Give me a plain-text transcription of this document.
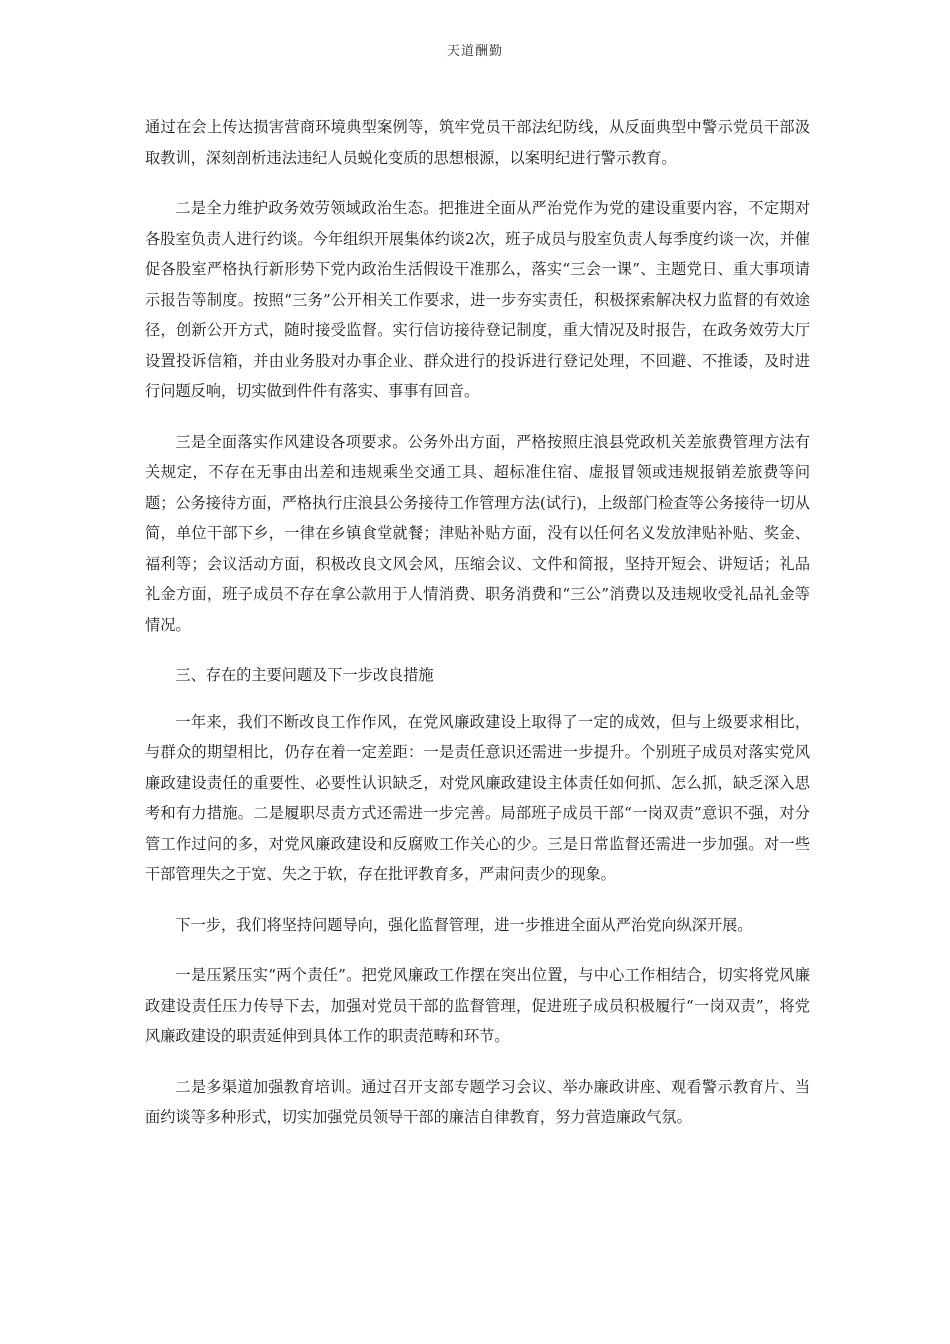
天道酬勤

通过在会上传达损害营商环境典型案例等，筑牢党员干部法纪防线，从反面典型中警示党员干部汲取教训，深刻剖析违法违纪人员蜕化变质的思想根源，以案明纪进行警示教育。

二是全力维护政务效劳领域政治生态。把推进全面从严治党作为党的建设重要内容，不定期对各股室负责人进行约谈。今年组织开展集体约谈2次，班子成员与股室负责人每季度约谈一次，并催促各股室严格执行新形势下党内政治生活假设干准那么，落实“三会一课”、主题党日、重大事项请示报告等制度。按照“三务”公开相关工作要求，进一步夯实责任，积极探索解决权力监督的有效途径，创新公开方式，随时接受监督。实行信访接待登记制度，重大情况及时报告，在政务效劳大厅设置投诉信箱，并由业务股对办事企业、群众进行的投诉进行登记处理，不回避、不推诿，及时进行问题反响，切实做到件件有落实、事事有回音。

三是全面落实作风建设各项要求。公务外出方面，严格按照庄浪县党政机关差旅费管理方法有关规定，不存在无事由出差和违规乘坐交通工具、超标准住宿、虚报冒领或违规报销差旅费等问题；公务接待方面，严格执行庄浪县公务接待工作管理方法(试行)，上级部门检查等公务接待一切从简，单位干部下乡，一律在乡镇食堂就餐；津贴补贴方面，没有以任何名义发放津贴补贴、奖金、福利等；会议活动方面，积极改良文风会风，压缩会议、文件和简报，坚持开短会、讲短话；礼品礼金方面，班子成员不存在拿公款用于人情消费、职务消费和“三公”消费以及违规收受礼品礼金等情况。

三、存在的主要问题及下一步改良措施

一年来，我们不断改良工作作风，在党风廉政建设上取得了一定的成效，但与上级要求相比，与群众的期望相比，仍存在着一定差距：一是责任意识还需进一步提升。个别班子成员对落实党风廉政建设责任的重要性、必要性认识缺乏，对党风廉政建设主体责任如何抓、怎么抓，缺乏深入思考和有力措施。二是履职尽责方式还需进一步完善。局部班子成员干部“一岗双责”意识不强，对分管工作过问的多，对党风廉政建设和反腐败工作关心的少。三是日常监督还需进一步加强。对一些干部管理失之于宽、失之于软，存在批评教育多，严肃问责少的现象。

下一步，我们将坚持问题导向，强化监督管理，进一步推进全面从严治党向纵深开展。

一是压紧压实“两个责任”。把党风廉政工作摆在突出位置，与中心工作相结合，切实将党风廉政建设责任压力传导下去，加强对党员干部的监督管理，促进班子成员积极履行“一岗双责”，将党风廉政建设的职责延伸到具体工作的职责范畴和环节。

二是多渠道加强教育培训。通过召开支部专题学习会议、举办廉政讲座、观看警示教育片、当面约谈等多种形式，切实加强党员领导干部的廉洁自律教育，努力营造廉政气氛。
